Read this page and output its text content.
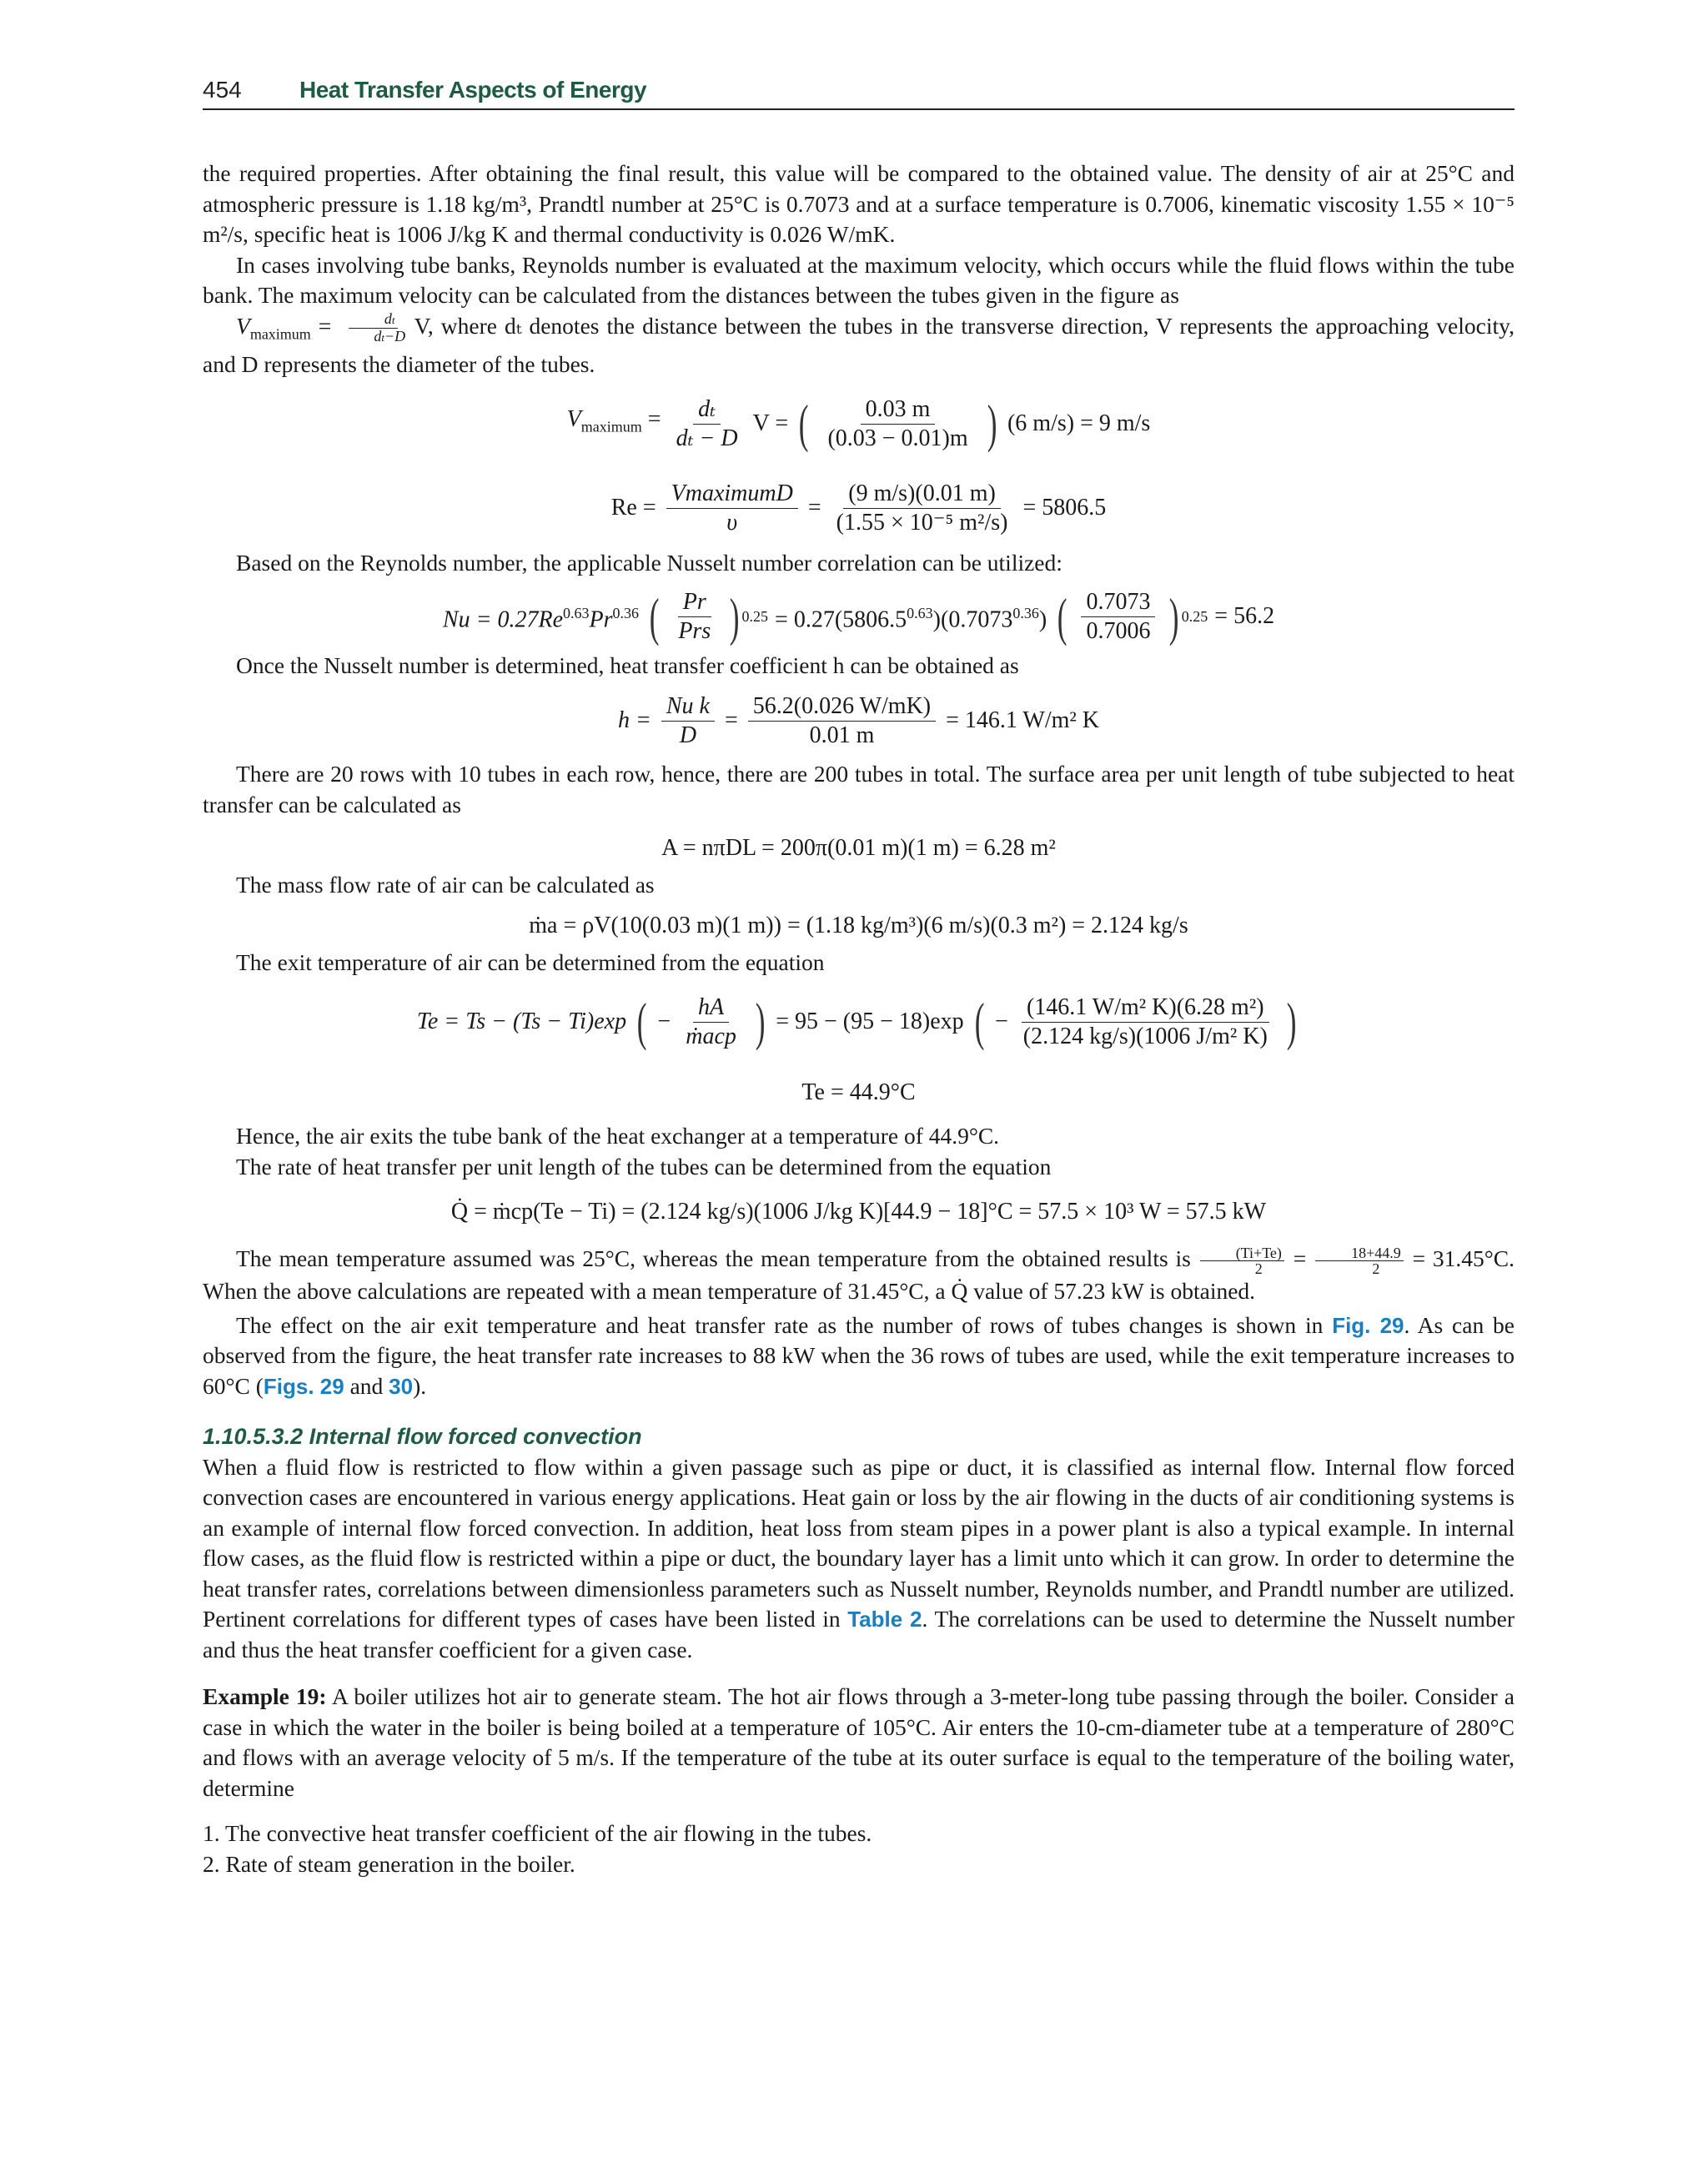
454 Heat Transfer Aspects of Energy

the required properties. After obtaining the final result, this value will be compared to the obtained value. The density of air at 25°C and atmospheric pressure is 1.18 kg/m³, Prandtl number at 25°C is 0.7073 and at a surface temperature is 0.7006, kinematic viscosity 1.55 × 10⁻⁵ m²/s, specific heat is 1006 J/kg K and thermal conductivity is 0.026 W/mK.

In cases involving tube banks, Reynolds number is evaluated at the maximum velocity, which occurs while the fluid flows within the tube bank. The maximum velocity can be calculated from the distances between the tubes given in the figure as

$V_{maximum} = \frac{dt}{dt-D} V$, where dₜ denotes the distance between the tubes in the transverse direction, V represents the approaching velocity, and D represents the diameter of the tubes.

$V_{maximum} = \frac{\text{dₜ}}{\text{dₜ − D}}$ V = ( $\frac{0.03 m}{(0.03 - 0.01)m}$ ) (6 m/s) = 9 m/s
$Re = \frac{\text{VmaximumD}}{\upsilon} = \frac{(9 m/s)(0.01 m)}{\text{(1.55 × 10⁻⁵ m²/s)}} = 5806.5$

Based on the Reynolds number, the applicable Nusselt number correlation can be utilized:

$Nu = 0.27Re^{0.63}Pr^{0.36}$ ( $\frac{Pr}{\text{Prs}}$ ) $0.25 = 0.27(5806.5^{0.63})(0.7073^{0.36})$ ( $\frac{0.7073}{0.7006}$ ) 0.25 = 56.2

Once the Nusselt number is determined, heat transfer coefficient h can be obtained as

$h = \frac{\text{Nu k}}{D} = \frac{56.2(0.026 W/mK)}{0.01 m} = 146.1$ W/m² K

There are 20 rows with 10 tubes in each row, hence, there are 200 tubes in total. The surface area per unit length of tube subjected to heat transfer can be calculated as

A = nπDL = 200π(0.01 m)(1 m) = 6.28 m²

The mass flow rate of air can be calculated as

ṁa = ρV(10(0.03 m)(1 m)) = (1.18 kg/m³)(6 m/s)(0.3 m²) = 2.124 kg/s

The exit temperature of air can be determined from the equation

Te = Ts − (Ts − Ti)exp ( − $\frac{hA}{\text{ṁacp}}$ ) = 95 − (95 − 18)exp ( − $\frac{\text{(146.1 W/m² K)(6.28 m²)}}{\text{(2.124 kg/s)(1006 J/m² K)}}$ )
Te = 44.9°C

Hence, the air exits the tube bank of the heat exchanger at a temperature of 44.9°C.

The rate of heat transfer per unit length of the tubes can be determined from the equation

Q̇ = ṁcp(Te − Ti) = (2.124 kg/s)(1006 J/kg K)[44.9 − 18]°C = 57.5 × 10³ W = 57.5 kW

The mean temperature assumed was 25°C, whereas the mean temperature from the obtained results is $\frac{(Ti+Te)}{2} = \frac{18+44.9}{2} = 31.45^\circ C$. When the above calculations are repeated with a mean temperature of 31.45°C, a Q̇ value of 57.23 kW is obtained.

The effect on the air exit temperature and heat transfer rate as the number of rows of tubes changes is shown in Fig. 29. As can be observed from the figure, the heat transfer rate increases to 88 kW when the 36 rows of tubes are used, while the exit temperature increases to 60°C (Figs. 29 and 30).

1.10.5.3.2 Internal flow forced convection

When a fluid flow is restricted to flow within a given passage such as pipe or duct, it is classified as internal flow. Internal flow forced convection cases are encountered in various energy applications. Heat gain or loss by the air flowing in the ducts of air conditioning systems is an example of internal flow forced convection. In addition, heat loss from steam pipes in a power plant is also a typical example. In internal flow cases, as the fluid flow is restricted within a pipe or duct, the boundary layer has a limit unto which it can grow. In order to determine the heat transfer rates, correlations between dimensionless parameters such as Nusselt number, Reynolds number, and Prandtl number are utilized. Pertinent correlations for different types of cases have been listed in Table 2. The correlations can be used to determine the Nusselt number and thus the heat transfer coefficient for a given case.

Example 19: A boiler utilizes hot air to generate steam. The hot air flows through a 3-meter-long tube passing through the boiler. Consider a case in which the water in the boiler is being boiled at a temperature of 105°C. Air enters the 10-cm-diameter tube at a temperature of 280°C and flows with an average velocity of 5 m/s. If the temperature of the tube at its outer surface is equal to the temperature of the boiling water, determine

1. The convective heat transfer coefficient of the air flowing in the tubes.
2. Rate of steam generation in the boiler.
